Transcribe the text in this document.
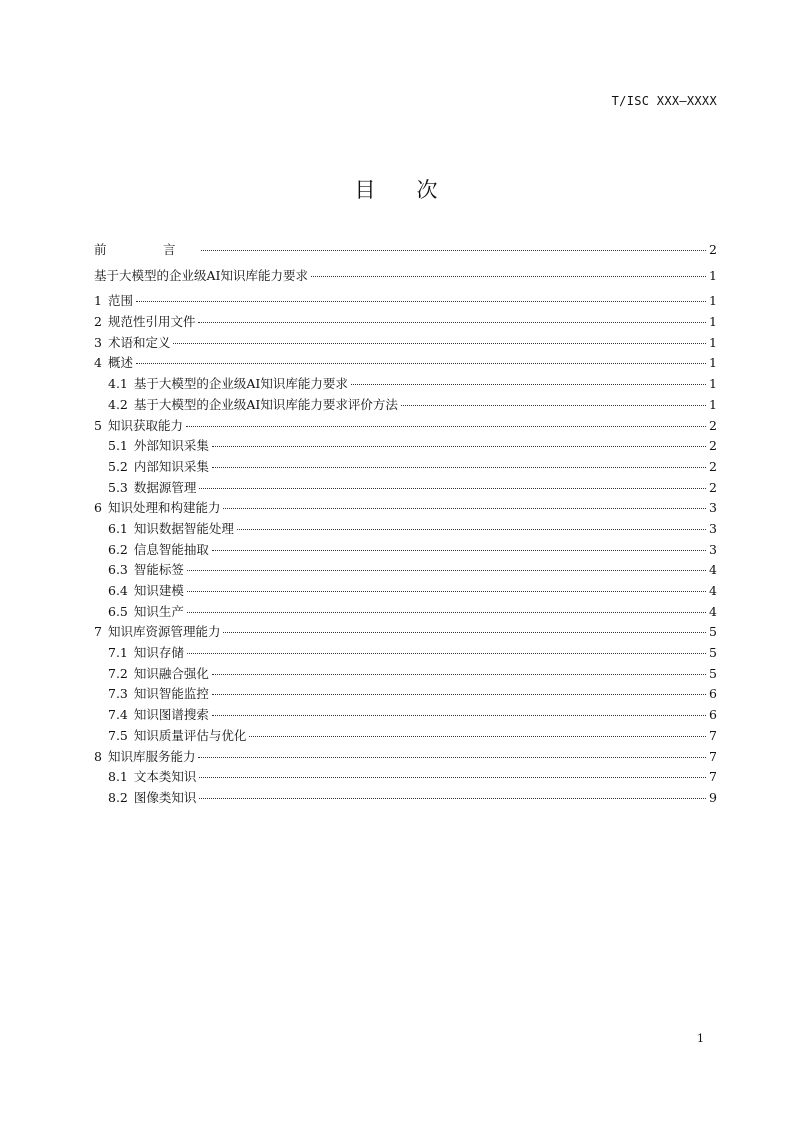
T/ISC XXX—XXXX
目 次
前　言	2
基于大模型的企业级AI知识库能力要求	1
1 范围	1
2 规范性引用文件	1
3 术语和定义	1
4 概述	1
4.1 基于大模型的企业级AI知识库能力要求	1
4.2 基于大模型的企业级AI知识库能力要求评价方法	1
5 知识获取能力	2
5.1 外部知识采集	2
5.2 内部知识采集	2
5.3 数据源管理	2
6 知识处理和构建能力	3
6.1 知识数据智能处理	3
6.2 信息智能抽取	3
6.3 智能标签	4
6.4 知识建模	4
6.5 知识生产	4
7 知识库资源管理能力	5
7.1 知识存储	5
7.2 知识融合强化	5
7.3 知识智能监控	6
7.4 知识图谱搜索	6
7.5 知识质量评估与优化	7
8 知识库服务能力	7
8.1 文本类知识	7
8.2 图像类知识	9
1
